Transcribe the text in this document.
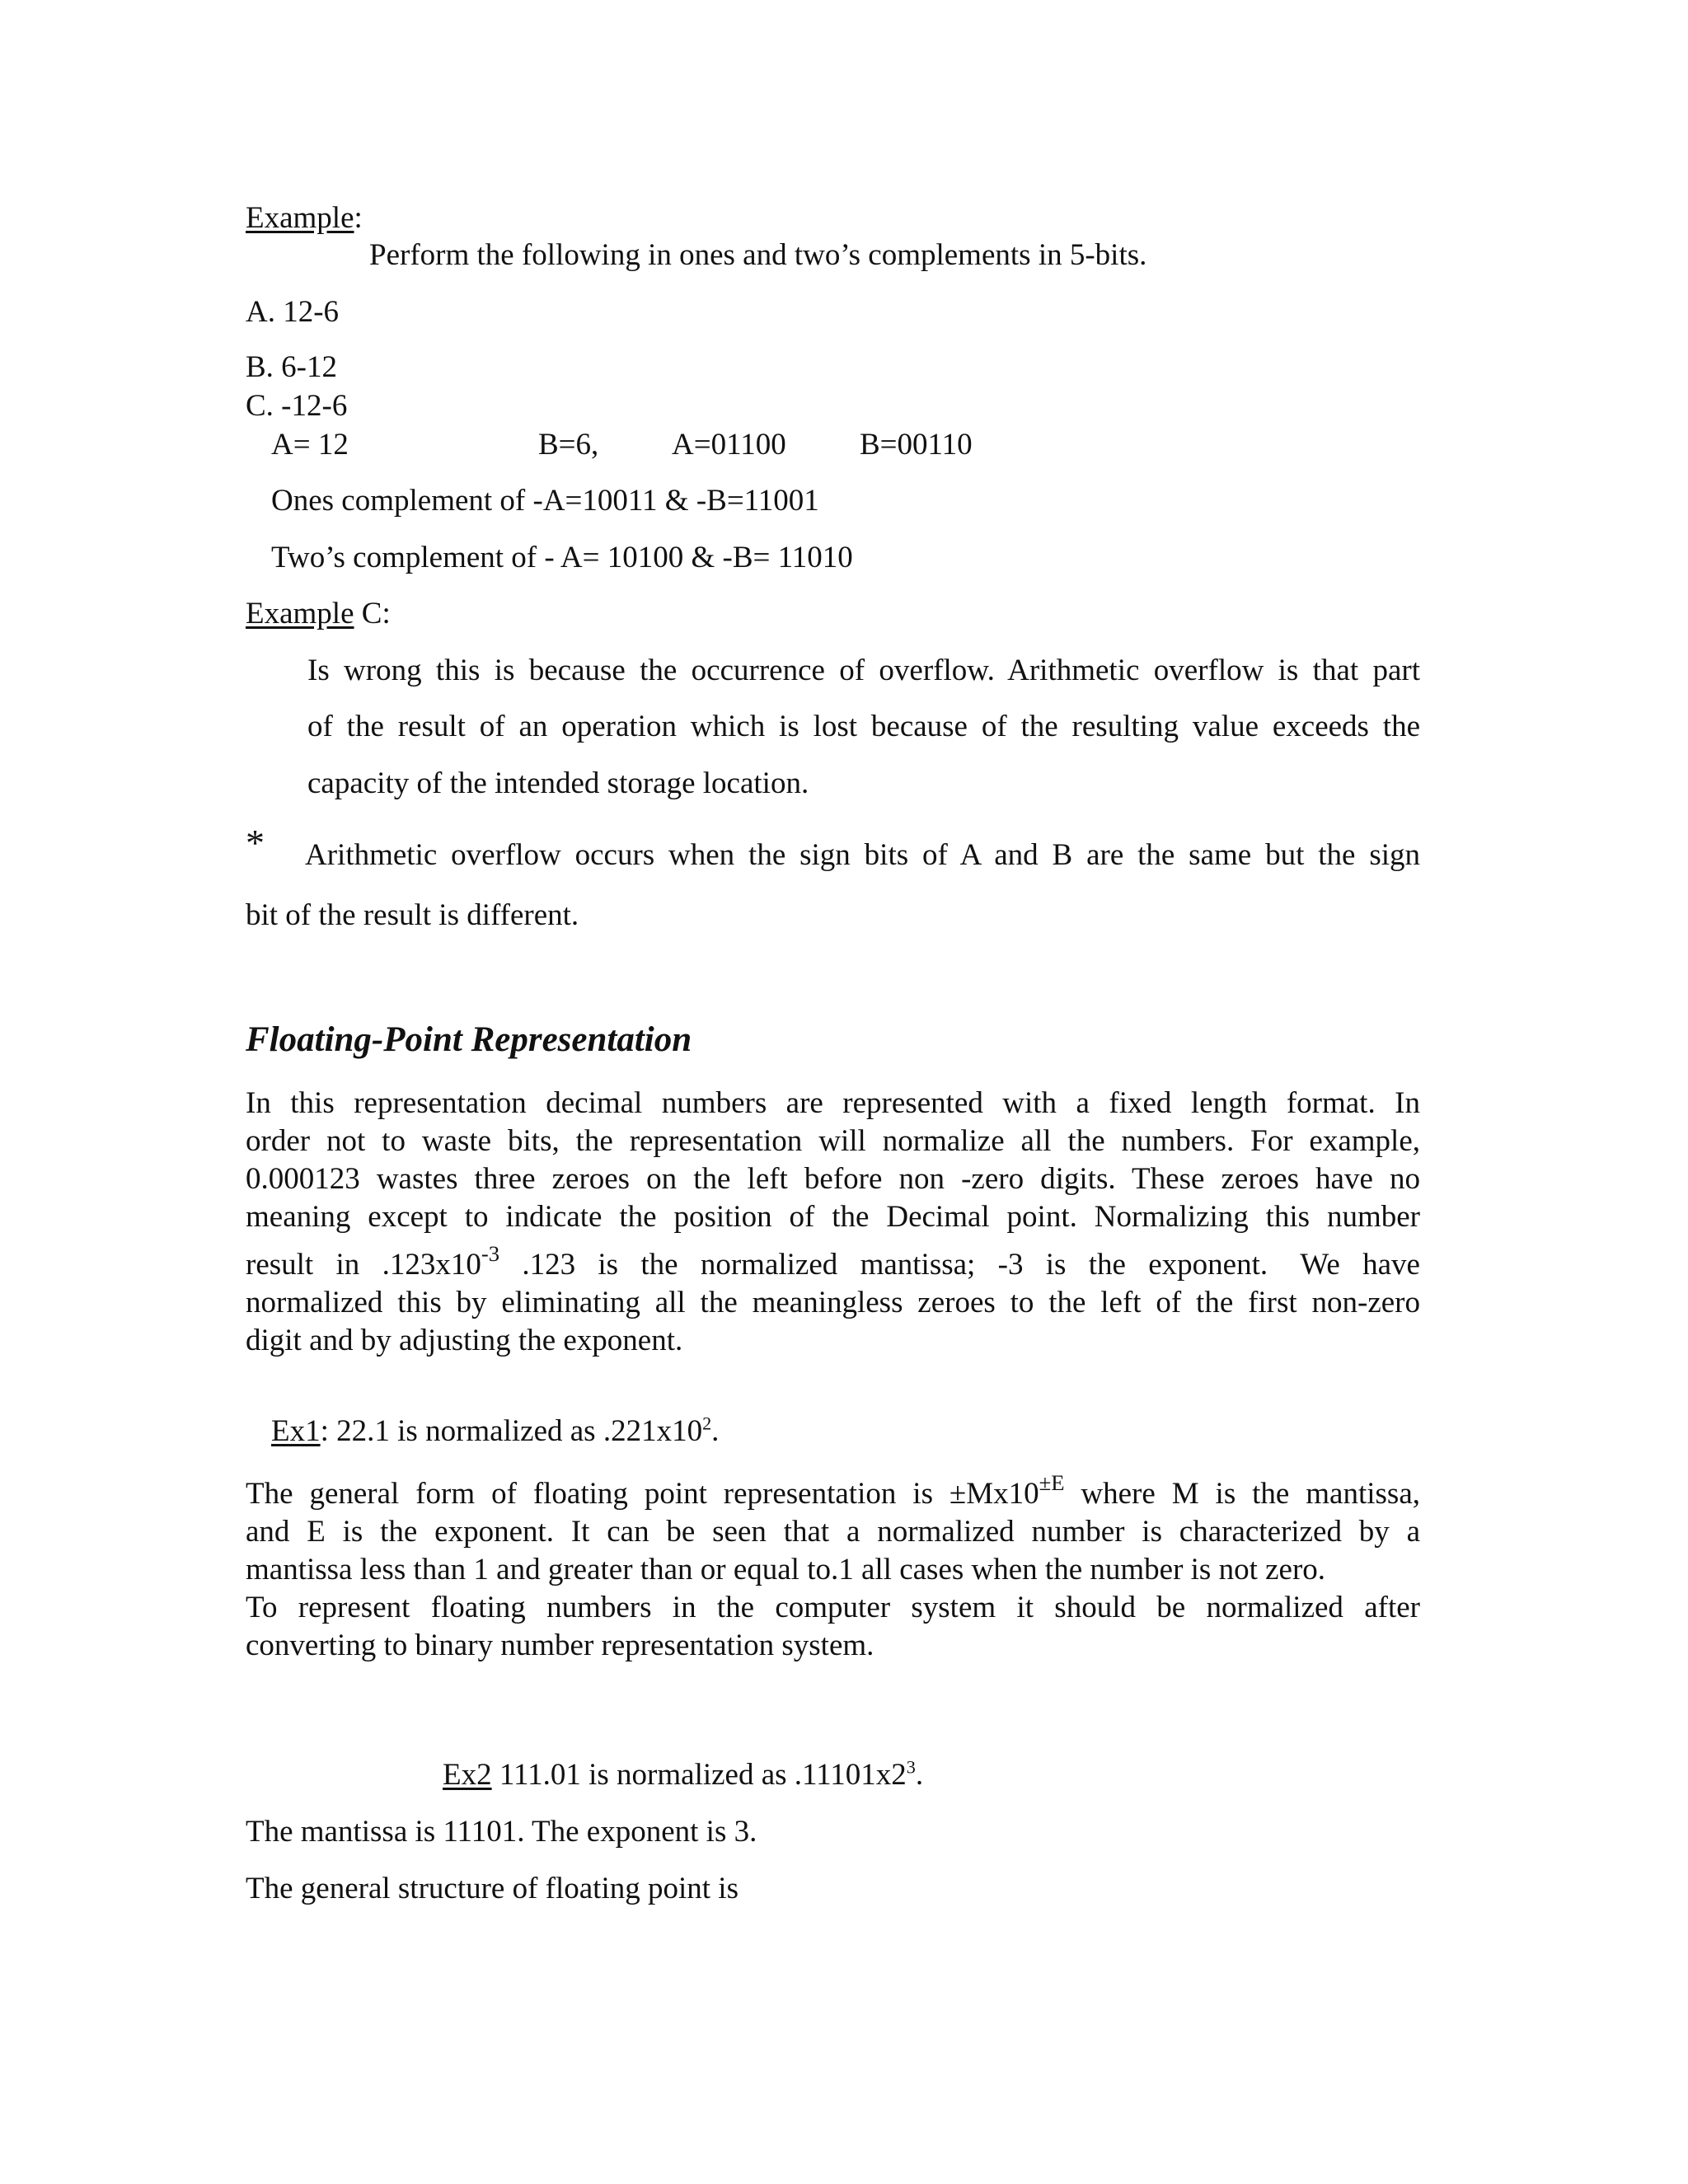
Example:
Perform the following in ones and two’s complements in 5-bits.
A. 12-6
B. 6-12
C. -12-6
A= 12	B=6, A=01100 B=00110
Ones complement of -A=10011 & -B=11001
Two’s complement of - A= 10100 & -B= 11010
Example C:
Is wrong this is because the occurrence of overflow. Arithmetic overflow is that part
of the result of an operation which is lost because of the resulting value exceeds the
capacity of the intended storage location.
* Arithmetic overflow occurs when the sign bits of A and B are the same but the sign
bit of the result is different.
Floating-Point Representation
In this representation decimal numbers are represented with a fixed length format. In
order not to waste bits, the representation will normalize all the numbers. For example,
0.000123 wastes three zeroes on the left before non -zero digits. These zeroes have no
meaning except to indicate the position of the Decimal point. Normalizing this number
result in $.123x10^{-3}$ .123 is the normalized mantissa; -3 is the exponent. We have
normalized this by eliminating all the meaningless zeroes to the left of the first non-zero
digit and by adjusting the exponent.
Ex1: 22.1 is normalized as $.221x10^2$.
The general form of floating point representation is $\pm Mx10^{\pm E}$ where M is the mantissa,
and E is the exponent. It can be seen that a normalized number is characterized by a
mantissa less than 1 and greater than or equal to.1 all cases when the number is not zero.
To represent floating numbers in the computer system it should be normalized after
converting to binary number representation system.
Ex2 111.01 is normalized as $.11101x2^3$.
The mantissa is 11101. The exponent is 3.
The general structure of floating point is
